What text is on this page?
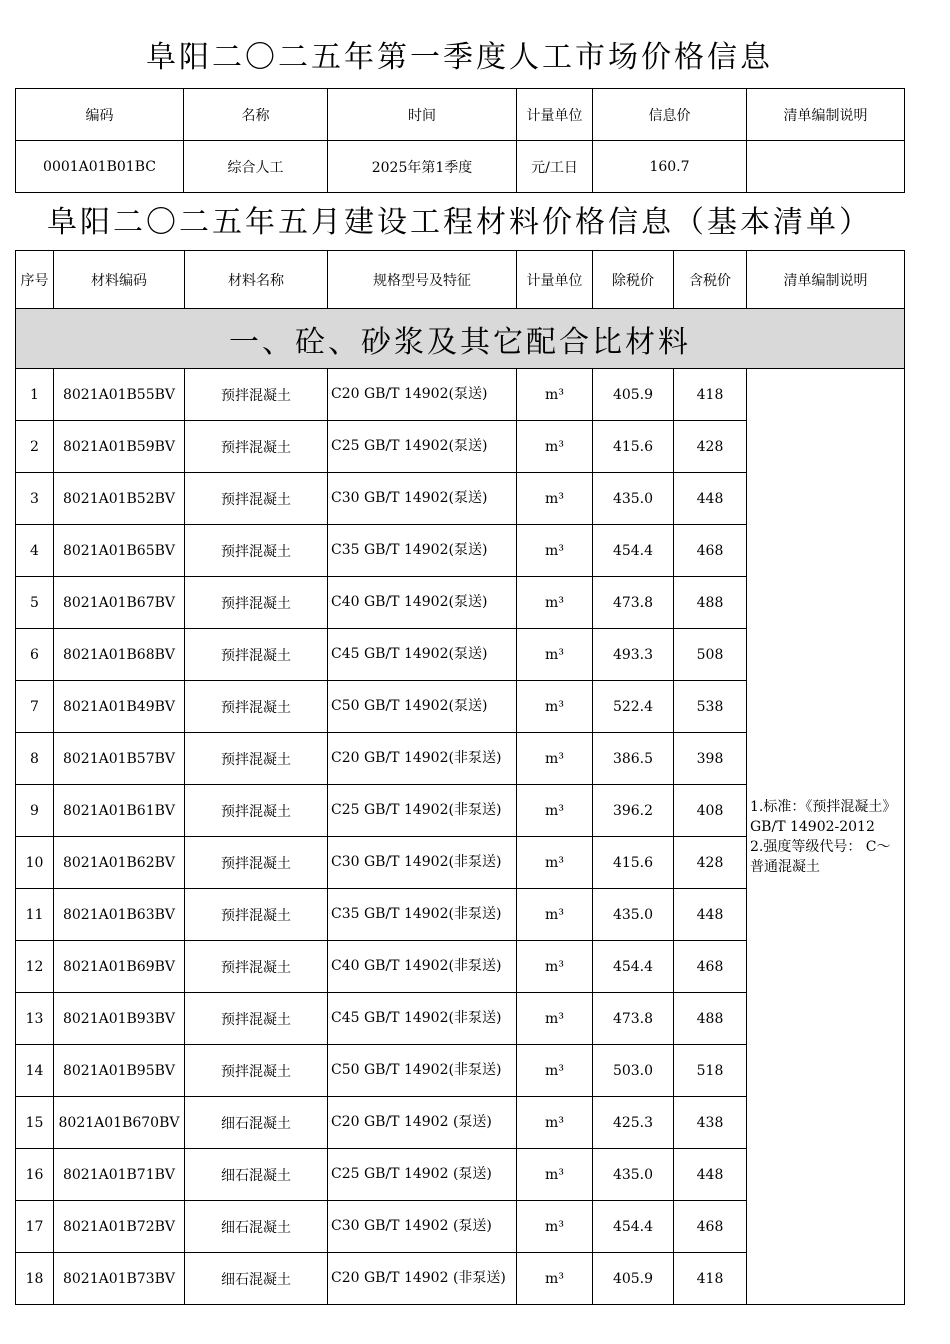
阜阳二〇二五年第一季度人工市场价格信息
编码	名称	时间	计量单位	信息价	清单编制说明
0001A01B01BC	综合人工	2025年第1季度	元/工日	160.7	
阜阳二〇二五年五月建设工程材料价格信息（基本清单）
序号	材料编码	材料名称	规格型号及特征	计量单位	除税价	含税价	清单编制说明
一、砼、砂浆及其它配合比材料							
1	8021A01B55BV	预拌混凝土	C20 GB/T 14902(泵送)	m³	405.9	418	1.标准：《预拌混凝土》GB/T 14902-2012
2.强度等级代号： C～普通混凝土
2	8021A01B59BV	预拌混凝土	C25 GB/T 14902(泵送)	m³	415.6	428	
3	8021A01B52BV	预拌混凝土	C30 GB/T 14902(泵送)	m³	435.0	448	
4	8021A01B65BV	预拌混凝土	C35 GB/T 14902(泵送)	m³	454.4	468	
5	8021A01B67BV	预拌混凝土	C40 GB/T 14902(泵送)	m³	473.8	488	
6	8021A01B68BV	预拌混凝土	C45 GB/T 14902(泵送)	m³	493.3	508	
7	8021A01B49BV	预拌混凝土	C50 GB/T 14902(泵送)	m³	522.4	538	
8	8021A01B57BV	预拌混凝土	C20 GB/T 14902(非泵送)	m³	386.5	398	
9	8021A01B61BV	预拌混凝土	C25 GB/T 14902(非泵送)	m³	396.2	408	
10	8021A01B62BV	预拌混凝土	C30 GB/T 14902(非泵送)	m³	415.6	428	
11	8021A01B63BV	预拌混凝土	C35 GB/T 14902(非泵送)	m³	435.0	448	
12	8021A01B69BV	预拌混凝土	C40 GB/T 14902(非泵送)	m³	454.4	468	
13	8021A01B93BV	预拌混凝土	C45 GB/T 14902(非泵送)	m³	473.8	488	
14	8021A01B95BV	预拌混凝土	C50 GB/T 14902(非泵送)	m³	503.0	518	
15	8021A01B670BV	细石混凝土	C20 GB/T 14902 (泵送)	m³	425.3	438	
16	8021A01B71BV	细石混凝土	C25 GB/T 14902 (泵送)	m³	435.0	448	
17	8021A01B72BV	细石混凝土	C30 GB/T 14902 (泵送)	m³	454.4	468	
18	8021A01B73BV	细石混凝土	C20 GB/T 14902 (非泵送)	m³	405.9	418	
